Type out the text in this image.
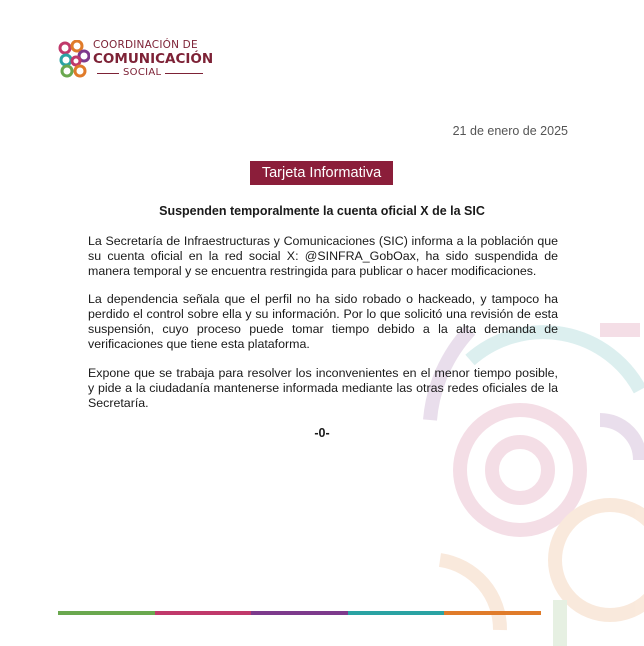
COORDINACIÓN DE
COMUNICACIÓN
SOCIAL
21 de enero de 2025
Tarjeta Informativa
Suspenden temporalmente la cuenta oficial X de la SIC
La Secretaría de Infraestructuras y Comunicaciones (SIC) informa a la población que su cuenta oficial en la red social X: @SINFRA_GobOax, ha sido suspendida de manera temporal y se encuentra restringida para publicar o hacer modificaciones.
La dependencia señala que el perfil no ha sido robado o hackeado, y tampoco ha perdido el control sobre ella y su información. Por lo que solicitó una revisión de esta suspensión, cuyo proceso puede tomar tiempo debido a la alta demanda de verificaciones que tiene esta plataforma.
Expone que se trabaja para resolver los inconvenientes en el menor tiempo posible, y pide a la ciudadanía mantenerse informada mediante las otras redes oficiales de la Secretaría.
-0-
